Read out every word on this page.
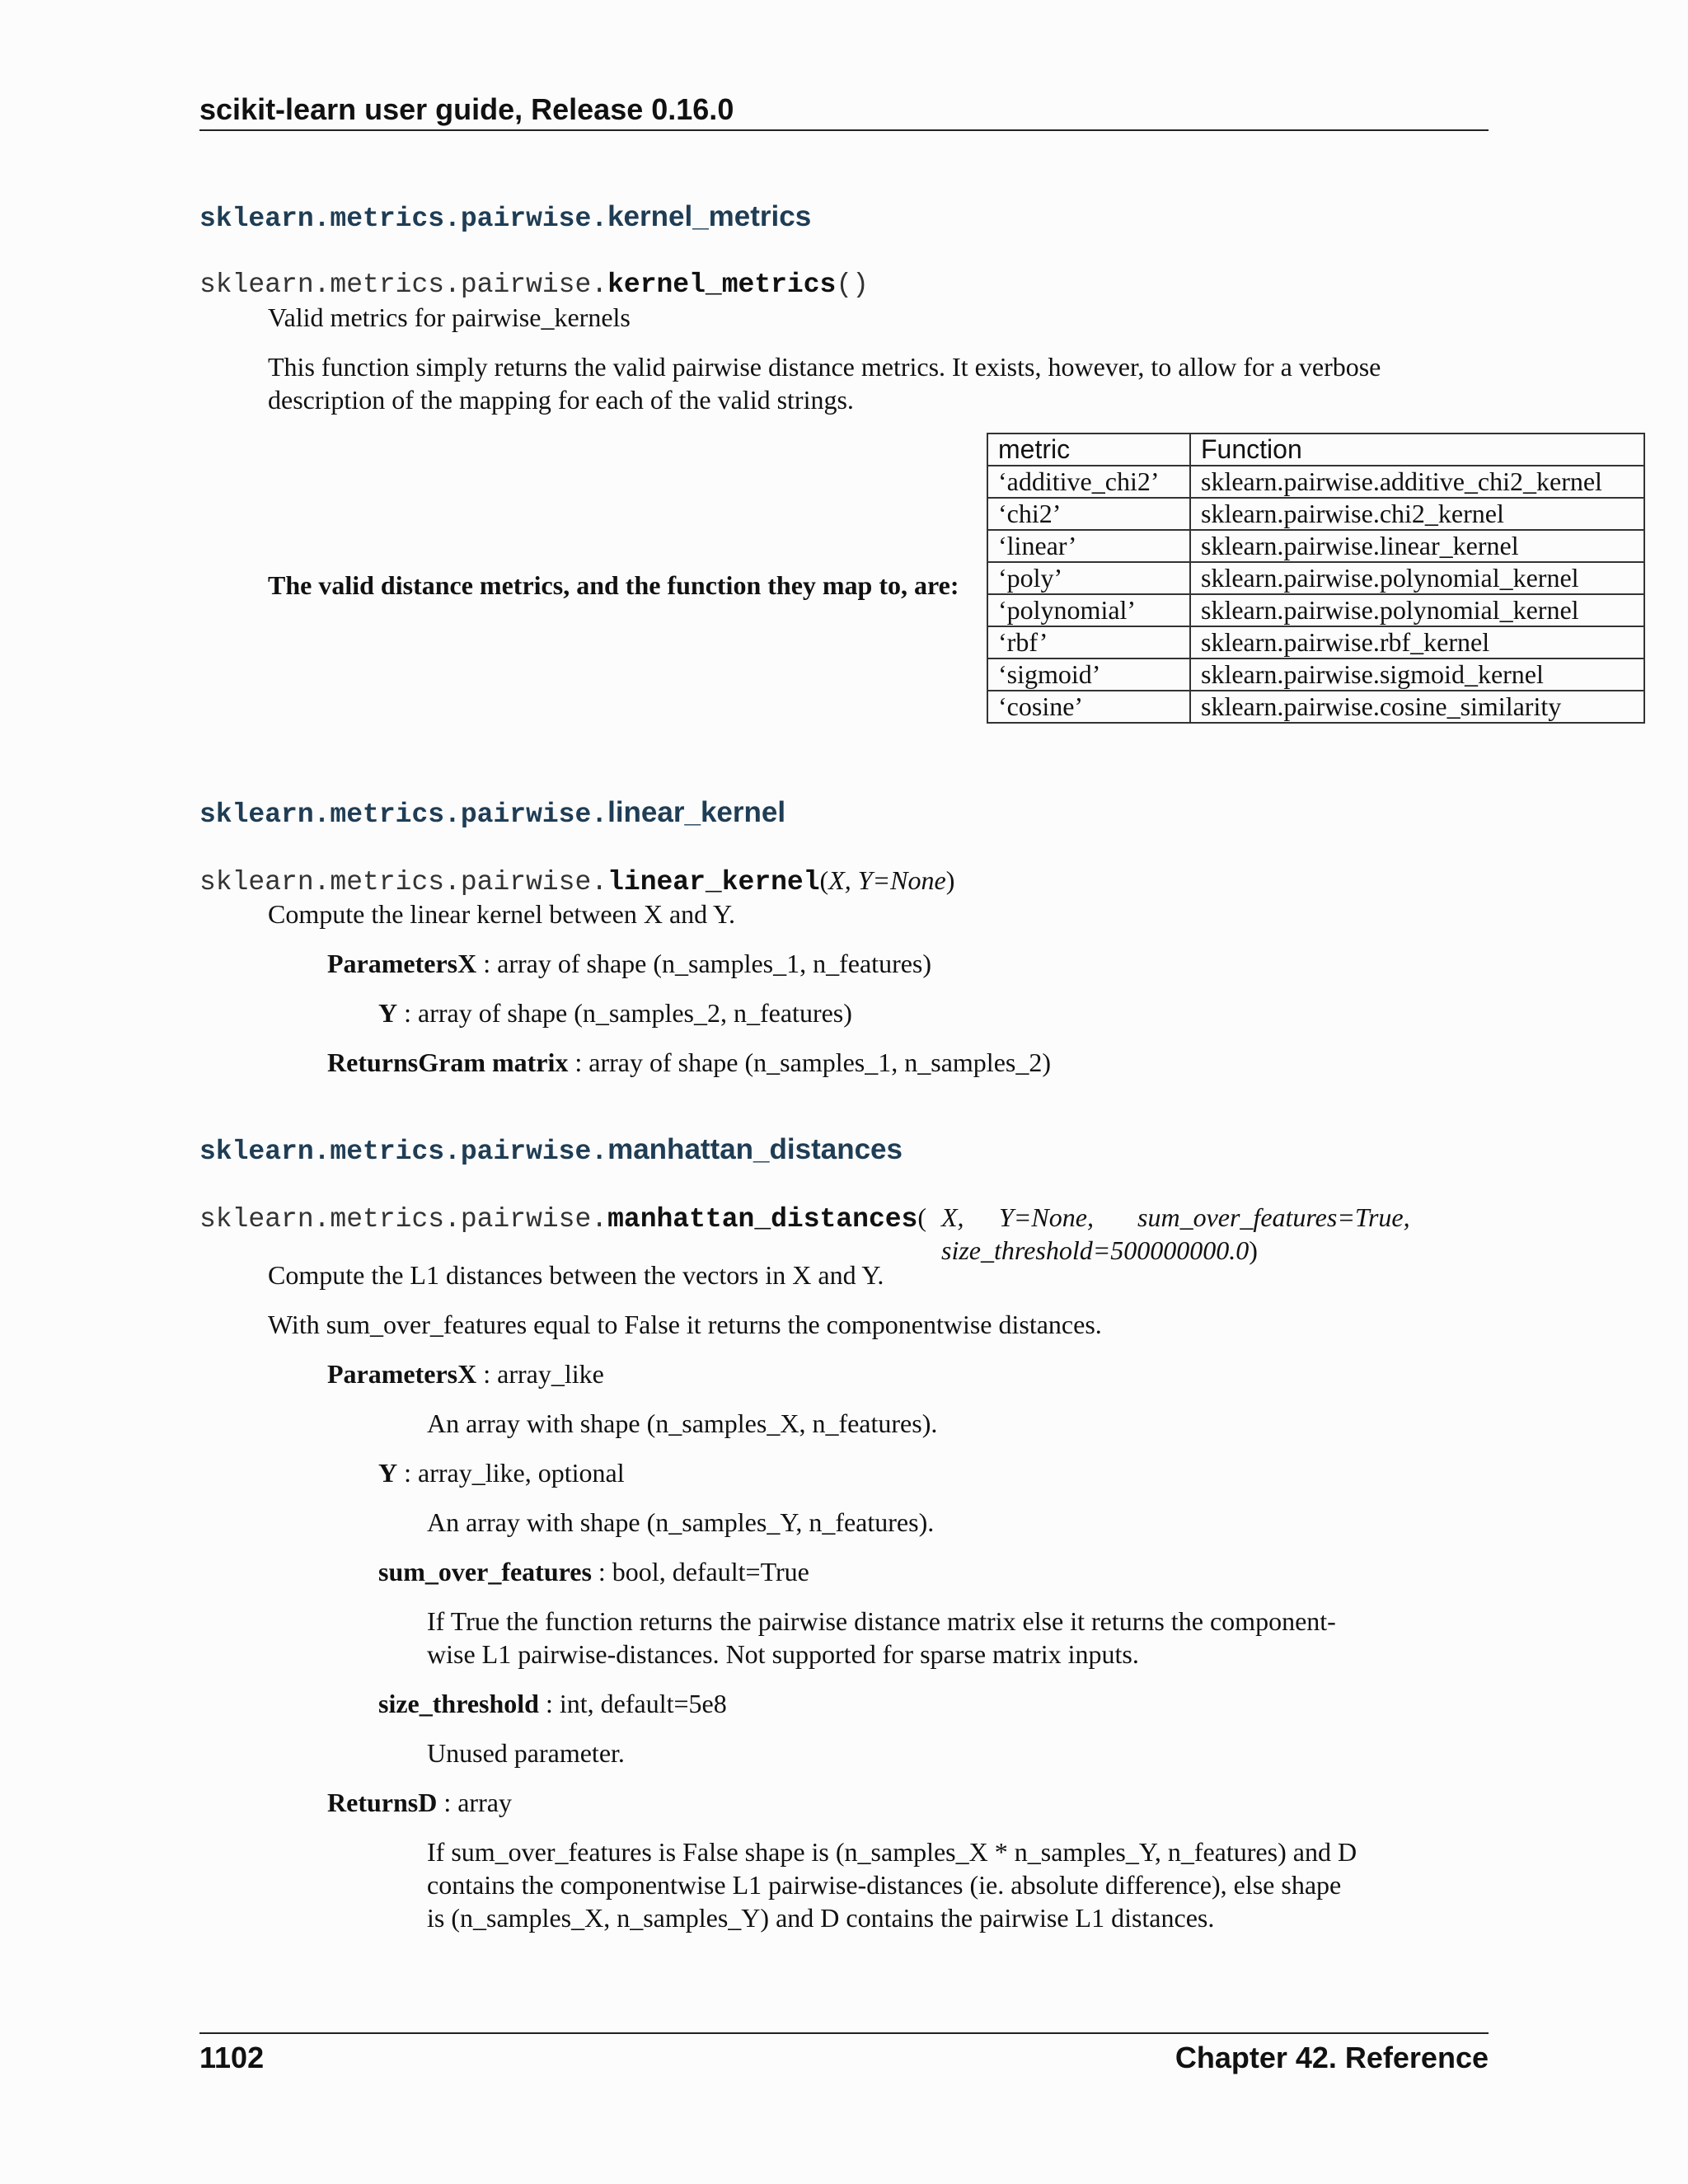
scikit-learn user guide, Release 0.16.0
sklearn.metrics.pairwise.kernel_metrics
sklearn.metrics.pairwise.kernel_metrics()
Valid metrics for pairwise_kernels
This function simply returns the valid pairwise distance metrics. It exists, however, to allow for a verbose
description of the mapping for each of the valid strings.
The valid distance metrics, and the function they map to, are:
metric	Function
‘additive_chi2’	sklearn.pairwise.additive_chi2_kernel
‘chi2’	sklearn.pairwise.chi2_kernel
‘linear’	sklearn.pairwise.linear_kernel
‘poly’	sklearn.pairwise.polynomial_kernel
‘polynomial’	sklearn.pairwise.polynomial_kernel
‘rbf’	sklearn.pairwise.rbf_kernel
‘sigmoid’	sklearn.pairwise.sigmoid_kernel
‘cosine’	sklearn.pairwise.cosine_similarity
sklearn.metrics.pairwise.linear_kernel
sklearn.metrics.pairwise.linear_kernel(X, Y=None)
Compute the linear kernel between X and Y.
ParametersX : array of shape (n_samples_1, n_features)
Y : array of shape (n_samples_2, n_features)
ReturnsGram matrix : array of shape (n_samples_1, n_samples_2)
sklearn.metrics.pairwise.manhattan_distances
sklearn.metrics.pairwise.manhattan_distances( X, Y=None, sum_over_features=True,
size_threshold=500000000.0)
Compute the L1 distances between the vectors in X and Y.
With sum_over_features equal to False it returns the componentwise distances.
ParametersX : array_like
An array with shape (n_samples_X, n_features).
Y : array_like, optional
An array with shape (n_samples_Y, n_features).
sum_over_features : bool, default=True
If True the function returns the pairwise distance matrix else it returns the component-
wise L1 pairwise-distances. Not supported for sparse matrix inputs.
size_threshold : int, default=5e8
Unused parameter.
ReturnsD : array
If sum_over_features is False shape is (n_samples_X * n_samples_Y, n_features) and D
contains the componentwise L1 pairwise-distances (ie. absolute difference), else shape
is (n_samples_X, n_samples_Y) and D contains the pairwise L1 distances.
1102	Chapter 42. Reference
